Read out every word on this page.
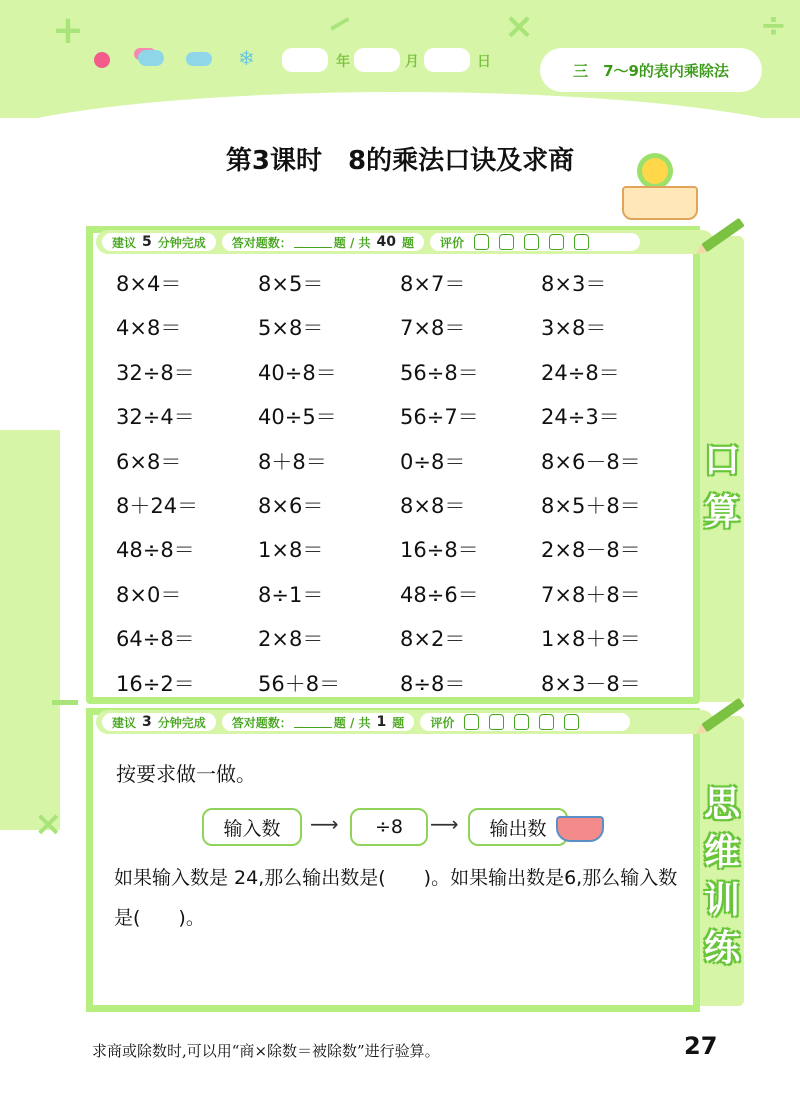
+	−	×	÷
❄	年	月	日	三　7～9的表内乘除法
第3课时　8的乘法口诀及求商
×
建议 5 分钟完成 答对题数：	题 / 共 40 题 评价
8×4＝	8×5＝	8×7＝	8×3＝
4×8＝	5×8＝	7×8＝	3×8＝
32÷8＝	40÷8＝	56÷8＝	24÷8＝
32÷4＝	40÷5＝	56÷7＝	24÷3＝
6×8＝	8＋8＝	0÷8＝	8×6－8＝
8＋24＝	8×6＝	8×8＝	8×5＋8＝
48÷8＝	1×8＝	16÷8＝	2×8－8＝
8×0＝	8÷1＝	48÷6＝	7×8＋8＝
64÷8＝	2×8＝	8×2＝	1×8＋8＝
16÷2＝	56＋8＝	8÷8＝	8×3－8＝
口
算
建议 3 分钟完成 答对题数：	题 / 共 1 题 评价
按要求做一做。
输入数	⟶	÷8	⟶	输出数
如果输入数是 24,那么输出数是(　　)。如果输出数是6,那么输入数是(　　)。
思
维
训
练
求商或除数时,可以用“商×除数＝被除数”进行验算。	27
